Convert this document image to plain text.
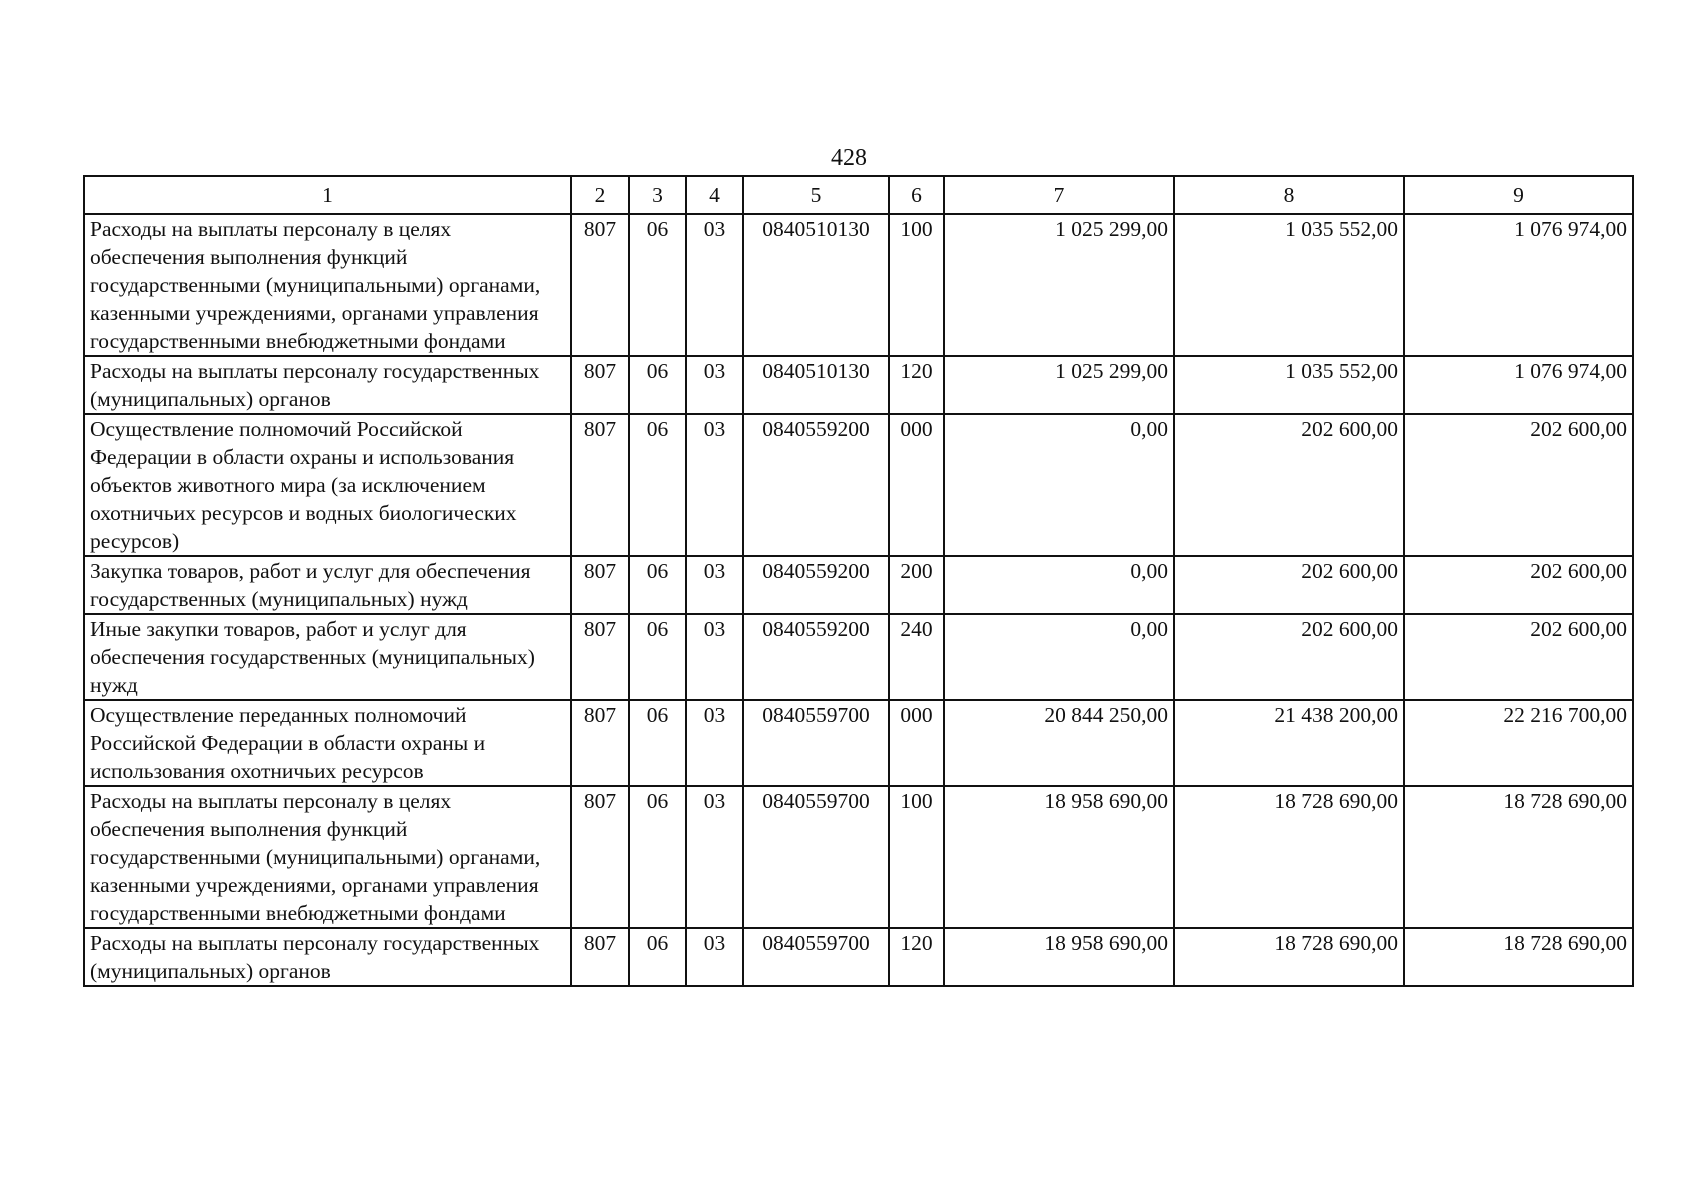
428
1	2	3	4	5	6	7	8	9
Расходы на выплаты персоналу в целях обеспечения выполнения функций государственными (муниципальными) органами, казенными учреждениями, органами управления государственными внебюджетными фондами	807	06	03	0840510130	100	1 025 299,00	1 035 552,00	1 076 974,00
Расходы на выплаты персоналу государственных (муниципальных) органов	807	06	03	0840510130	120	1 025 299,00	1 035 552,00	1 076 974,00
Осуществление полномочий Российской Федерации в области охраны и использования объектов животного мира (за исключением охотничьих ресурсов и водных биологических ресурсов)	807	06	03	0840559200	000	0,00	202 600,00	202 600,00
Закупка товаров, работ и услуг для обеспечения государственных (муниципальных) нужд	807	06	03	0840559200	200	0,00	202 600,00	202 600,00
Иные закупки товаров, работ и услуг для обеспечения государственных (муниципальных) нужд	807	06	03	0840559200	240	0,00	202 600,00	202 600,00
Осуществление переданных полномочий Российской Федерации в области охраны и использования охотничьих ресурсов	807	06	03	0840559700	000	20 844 250,00	21 438 200,00	22 216 700,00
Расходы на выплаты персоналу в целях обеспечения выполнения функций государственными (муниципальными) органами, казенными учреждениями, органами управления государственными внебюджетными фондами	807	06	03	0840559700	100	18 958 690,00	18 728 690,00	18 728 690,00
Расходы на выплаты персоналу государственных (муниципальных) органов	807	06	03	0840559700	120	18 958 690,00	18 728 690,00	18 728 690,00
